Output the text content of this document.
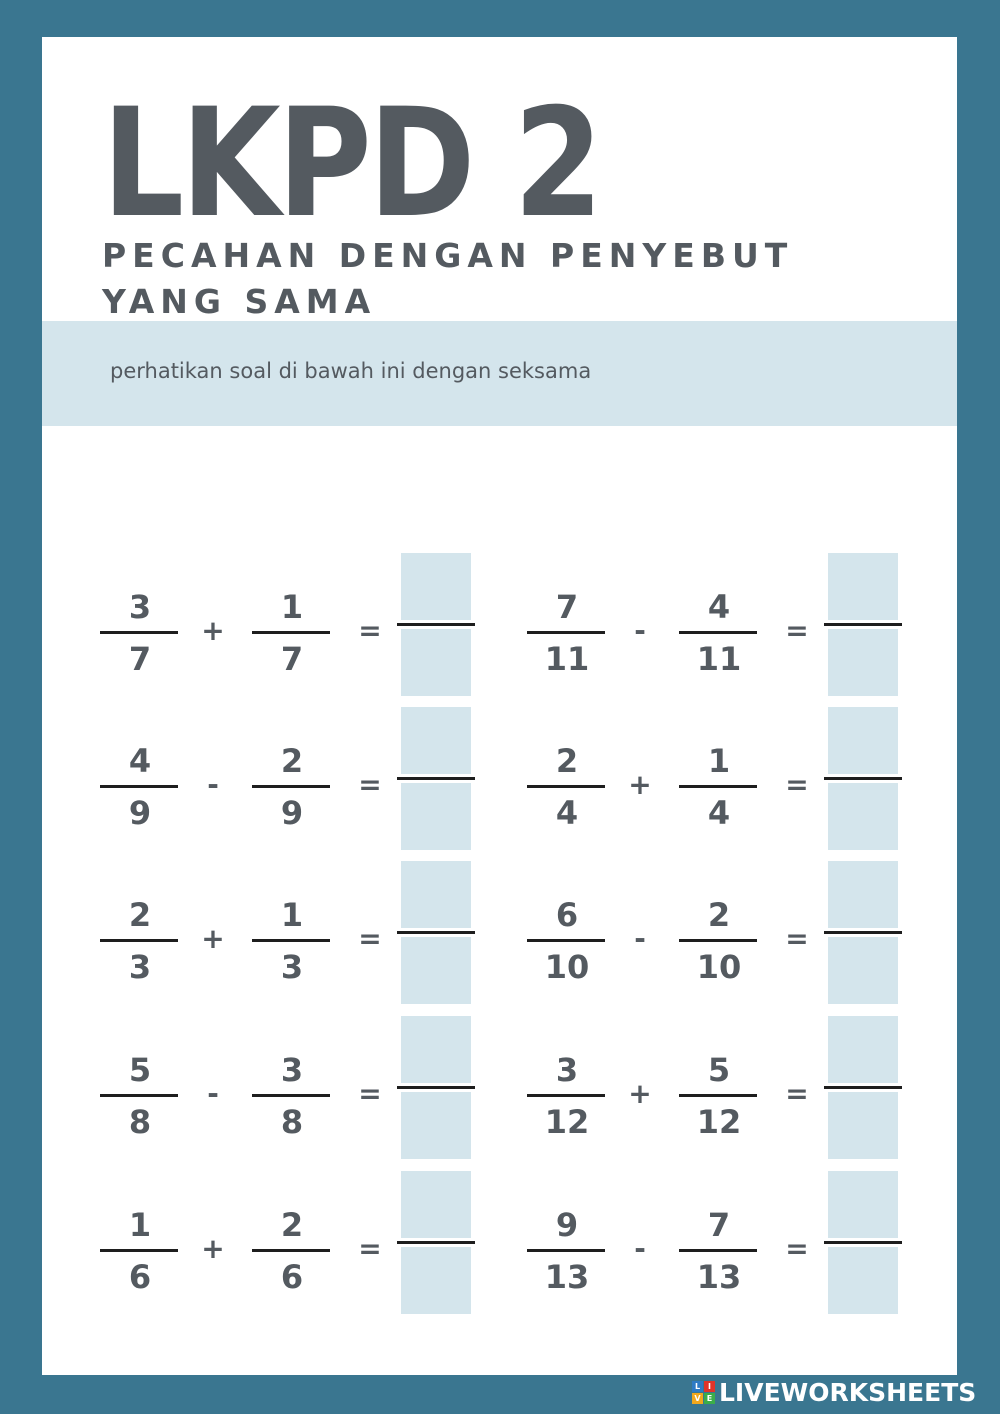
LKPD 2

PECAHAN DENGAN PENYEBUT YANG SAMA

perhatikan soal di bawah ini dengan seksama

3
7
+
1
7
=
7
11
-
4
11
=
4
9
-
2
9
=
2
4
+
1
4
=
2
3
+
1
3
=
6
10
-
2
10
=
5
8
-
3
8
=
3
12
+
5
12
=
1
6
+
2
6
=
9
13
-
7
13
=
L I
V E LIVEWORKSHEETS
